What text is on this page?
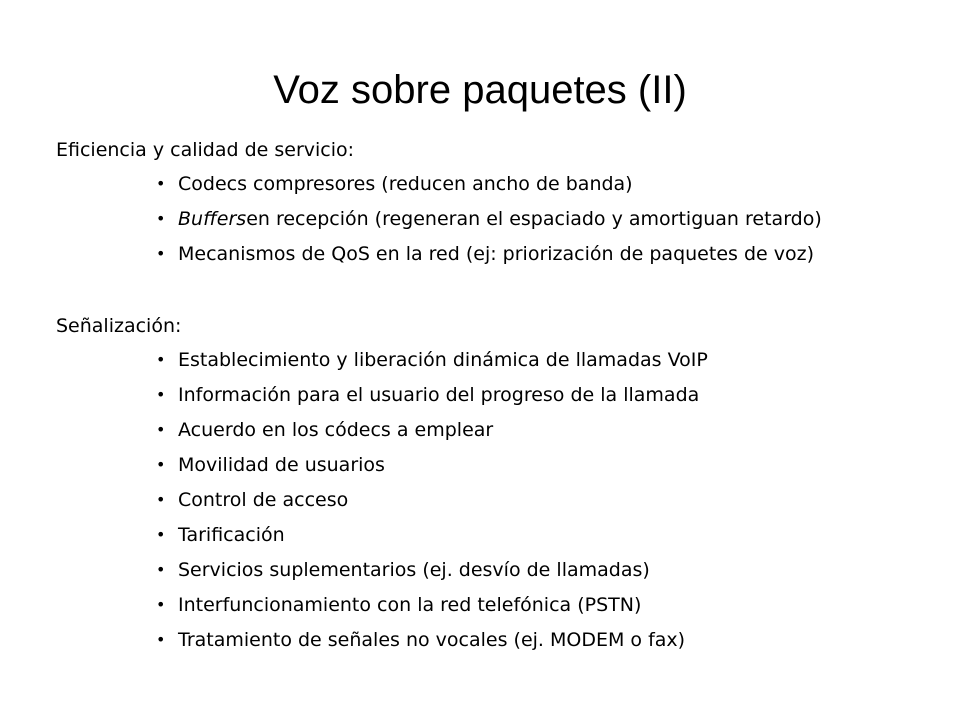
Voz sobre paquetes (II)

Eficiencia y calidad de servicio:

• Codecs compresores (reducen ancho de banda)
• Buffers en recepción (regeneran el espaciado y amortiguan retardo)
• Mecanismos de QoS en la red (ej: priorización de paquetes de voz)

Señalización:

• Establecimiento y liberación dinámica de llamadas VoIP
• Información para el usuario del progreso de la llamada
• Acuerdo en los códecs a emplear
• Movilidad de usuarios
• Control de acceso
• Tarificación
• Servicios suplementarios (ej. desvío de llamadas)
• Interfuncionamiento con la red telefónica (PSTN)
• Tratamiento de señales no vocales (ej. MODEM o fax)
